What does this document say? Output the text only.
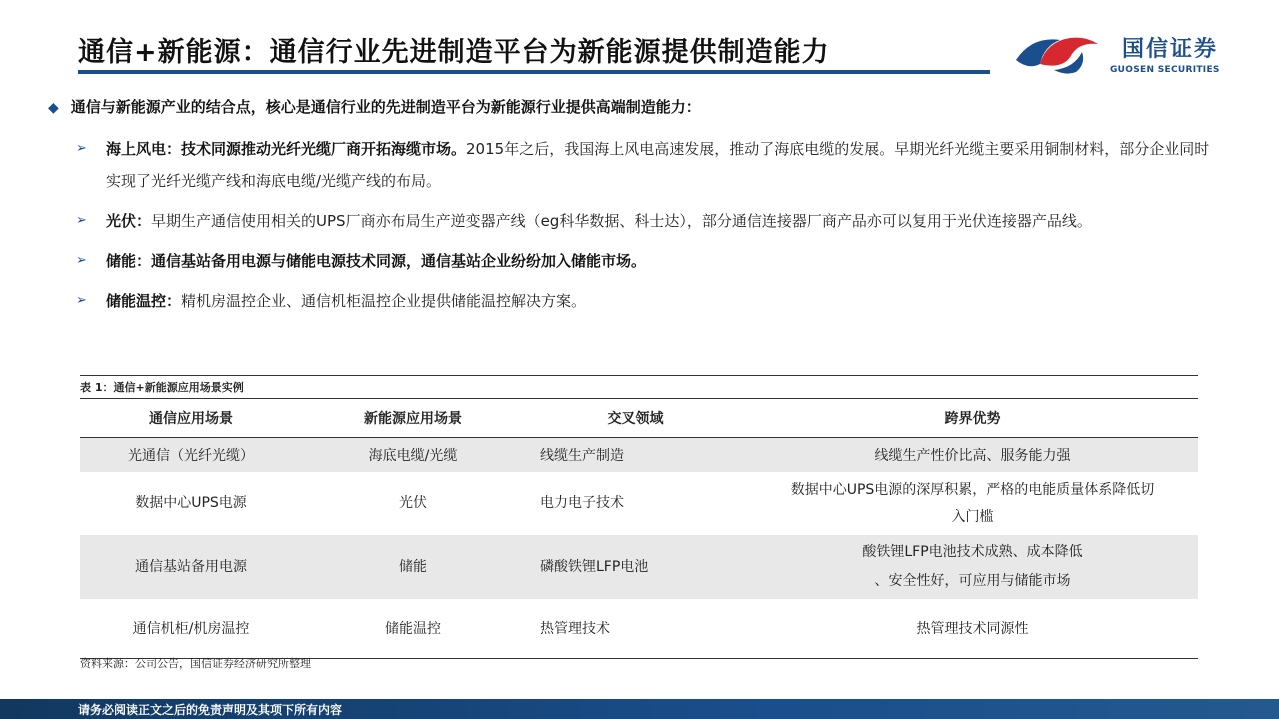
通信+新能源：通信行业先进制造平台为新能源提供制造能力	国信证券
GUOSEN SECURITIES
◆ 通信与新能源产业的结合点，核心是通信行业的先进制造平台为新能源行业提供高端制造能力：
➢ 海上风电：技术同源推动光纤光缆厂商开拓海缆市场。2015年之后，我国海上风电高速发展，推动了海底电缆的发展。早期光纤光缆主要采用铜制材料，部分企业同时实现了光纤光缆产线和海底电缆/光缆产线的布局。
➢ 光伏：早期生产通信使用相关的UPS厂商亦布局生产逆变器产线（eg科华数据、科士达），部分通信连接器厂商产品亦可以复用于光伏连接器产品线。
➢ 储能：通信基站备用电源与储能电源技术同源，通信基站企业纷纷加入储能市场。
➢ 储能温控：精机房温控企业、通信机柜温控企业提供储能温控解决方案。
表 1：通信+新能源应用场景实例
通信应用场景	新能源应用场景	交叉领域	跨界优势
光通信（光纤光缆）	海底电缆/光缆	线缆生产制造	线缆生产性价比高、服务能力强
数据中心UPS电源	光伏	电力电子技术	数据中心UPS电源的深厚积累，严格的电能质量体系降低切
入门槛

通信基站备用电源	储能	磷酸铁锂LFP电池	酸铁锂LFP电池技术成熟、成本降低
、安全性好，可应用与储能市场

通信机柜/机房温控	储能温控	热管理技术	热管理技术同源性
资料来源：公司公告，国信证券经济研究所整理
请务必阅读正文之后的免责声明及其项下所有内容
